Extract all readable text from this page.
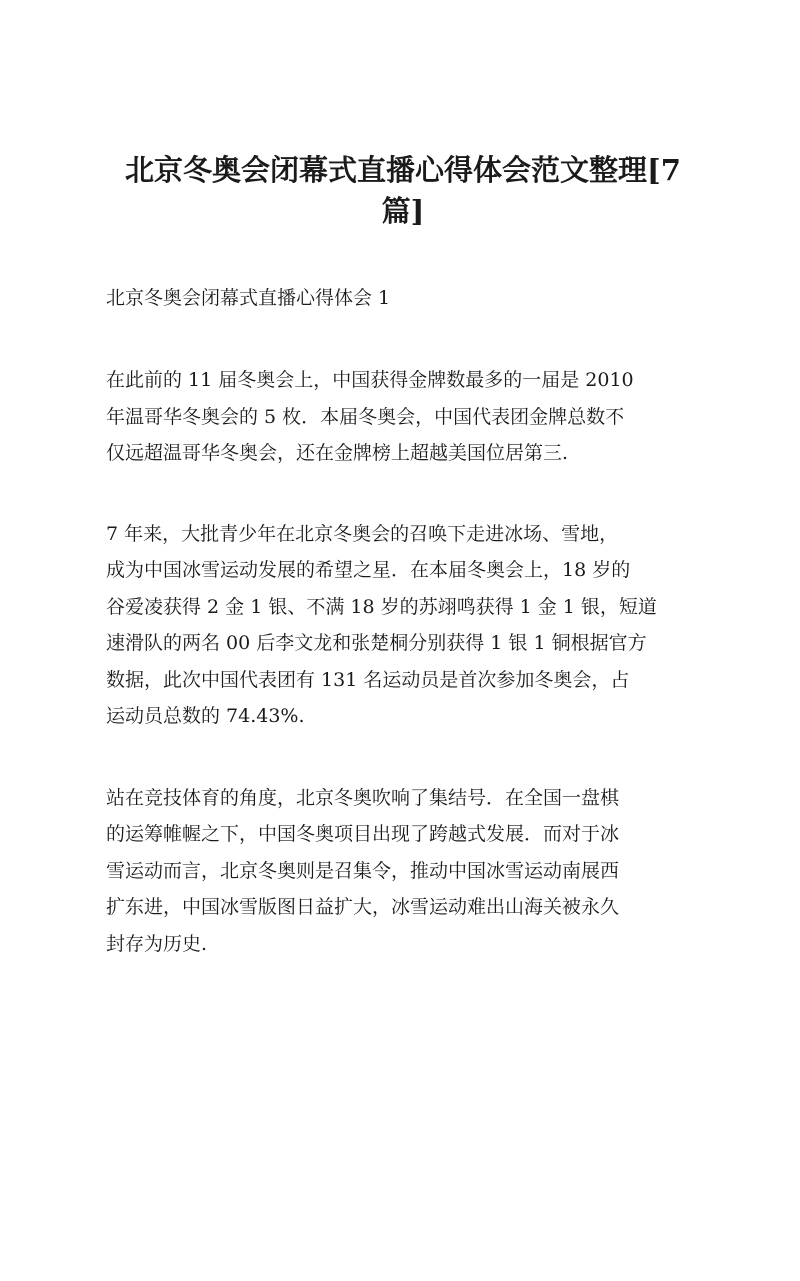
北京冬奥会闭幕式直播心得体会范文整理[7
篇]

北京冬奥会闭幕式直播心得体会 1

在此前的 11 届冬奥会上，中国获得金牌数最多的一届是 2010
年温哥华冬奥会的 5 枚．本届冬奥会，中国代表团金牌总数不
仅远超温哥华冬奥会，还在金牌榜上超越美国位居第三.

7 年来，大批青少年在北京冬奥会的召唤下走进冰场、雪地，
成为中国冰雪运动发展的希望之星．在本届冬奥会上，18 岁的
谷爱凌获得 2 金 1 银、不满 18 岁的苏翊鸣获得 1 金 1 银，短道
速滑队的两名 00 后李文龙和张楚桐分别获得 1 银 1 铜根据官方
数据，此次中国代表团有 131 名运动员是首次参加冬奥会，占
运动员总数的 74.43%.

站在竞技体育的角度，北京冬奥吹响了集结号．在全国一盘棋
的运筹帷幄之下，中国冬奥项目出现了跨越式发展．而对于冰
雪运动而言，北京冬奥则是召集令，推动中国冰雪运动南展西
扩东进，中国冰雪版图日益扩大，冰雪运动难出山海关被永久
封存为历史.
